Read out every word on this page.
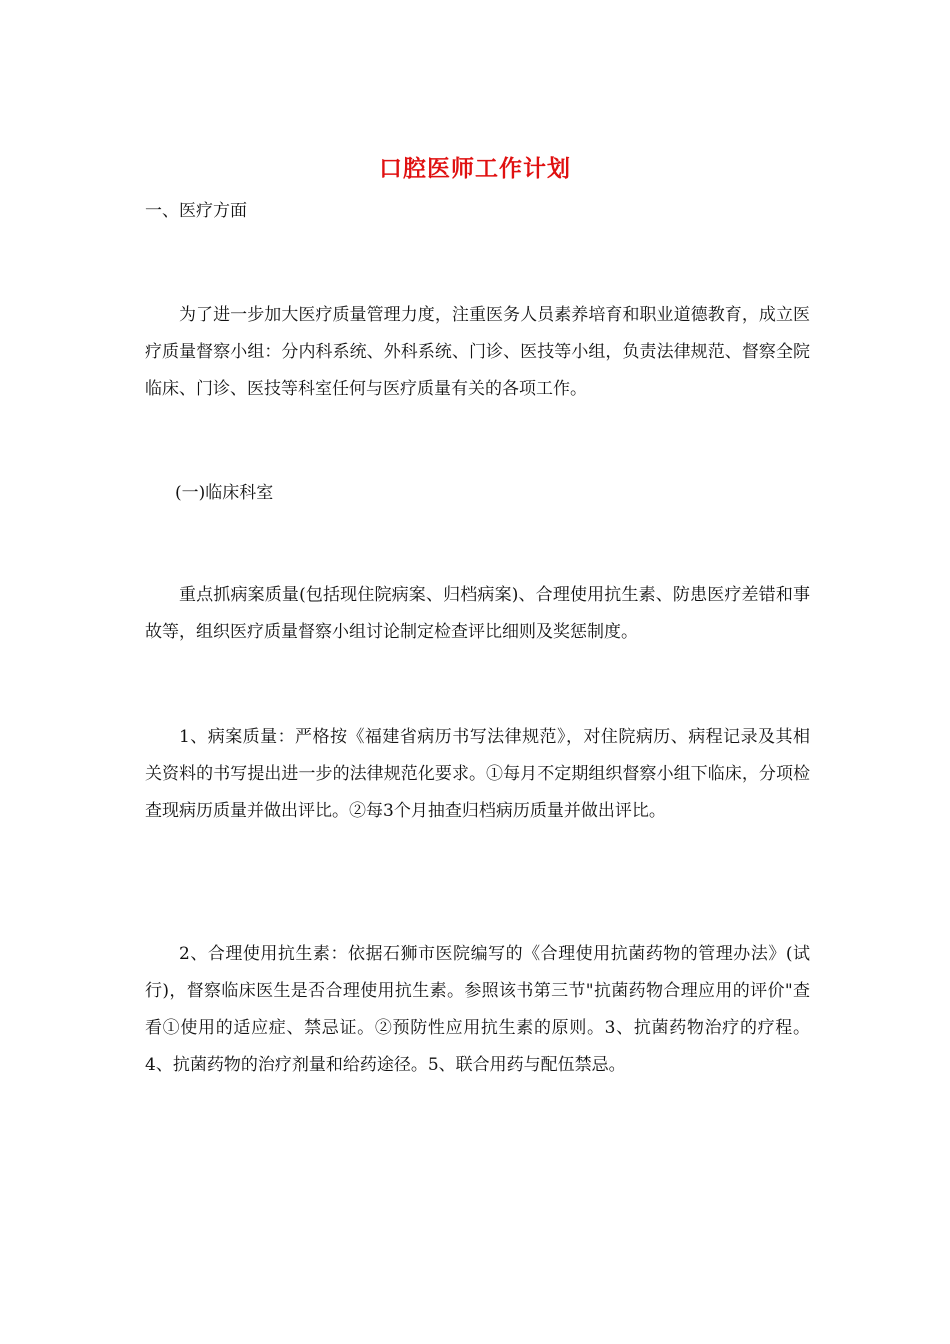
口腔医师工作计划
一、医疗方面

为了进一步加大医疗质量管理力度，注重医务人员素养培育和职业道德教育，成立医疗质量督察小组：分内科系统、外科系统、门诊、医技等小组，负责法律规范、督察全院临床、门诊、医技等科室任何与医疗质量有关的各项工作。

(一)临床科室

重点抓病案质量(包括现住院病案、归档病案)、合理使用抗生素、防患医疗差错和事故等，组织医疗质量督察小组讨论制定检查评比细则及奖惩制度。

1、病案质量：严格按《福建省病历书写法律规范》，对住院病历、病程记录及其相关资料的书写提出进一步的法律规范化要求。①每月不定期组织督察小组下临床，分项检查现病历质量并做出评比。②每3个月抽查归档病历质量并做出评比。

2、合理使用抗生素：依据石狮市医院编写的《合理使用抗菌药物的管理办法》(试行)，督察临床医生是否合理使用抗生素。参照该书第三节"抗菌药物合理应用的评价"查看①使用的适应症、禁忌证。②预防性应用抗生素的原则。3、抗菌药物治疗的疗程。4、抗菌药物的治疗剂量和给药途径。5、联合用药与配伍禁忌。
